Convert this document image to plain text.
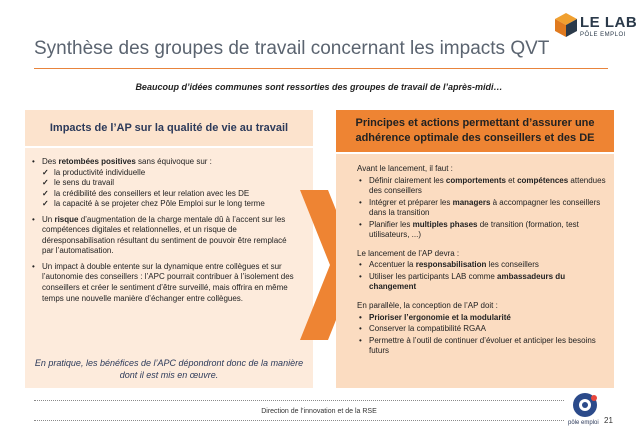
Synthèse des groupes de travail concernant les impacts QVT
LE LAB
PÔLE EMPLOI
Beaucoup d’idées communes sont ressorties des groupes de travail de l’après-midi…
Impacts de l’AP sur la qualité de vie au travail	Principes et actions permettant d’assurer une adhérence optimale des conseillers et des DE
• Des retombées positives sans équivoque sur :
✓ la productivité individuelle
✓ le sens du travail
✓ la crédibilité des conseillers et leur relation avec les DE
✓ la capacité à se projeter chez Pôle Emploi sur le long terme
• Un risque d’augmentation de la charge mentale dû à l’accent sur les compétences digitales et relationnelles, et un risque de déresponsabilisation résultant du sentiment de pouvoir être remplacé par l’automatisation.
• Un impact à double entente sur la dynamique entre collègues et sur l’autonomie des conseillers : l’APC pourrait contribuer à l’isolement des conseillers et créer le sentiment d’être surveillé, mais offrira en même temps une nouvelle manière d’échanger entre collègues.
En pratique, les bénéfices de l’APC dépondront donc de la manière dont il est mis en œuvre.

Avant le lancement, il faut :

• Définir clairement les comportements et compétences attendues des conseillers
• Intégrer et préparer les managers à accompagner les conseillers dans la transition
• Planifier les multiples phases de transition (formation, test utilisateurs, ...)

Le lancement de l’AP devra :

• Accentuer la responsabilisation les conseillers
• Utiliser les participants LAB comme ambassadeurs du changement

En parallèle, la conception de l’AP doit :

• Prioriser l’ergonomie et la modularité
• Conserver la compatibilité RGAA
• Permettre à l’outil de continuer d’évoluer et anticiper les besoins futurs
Direction de l’innovation et de la RSE
pôle emploi 21
